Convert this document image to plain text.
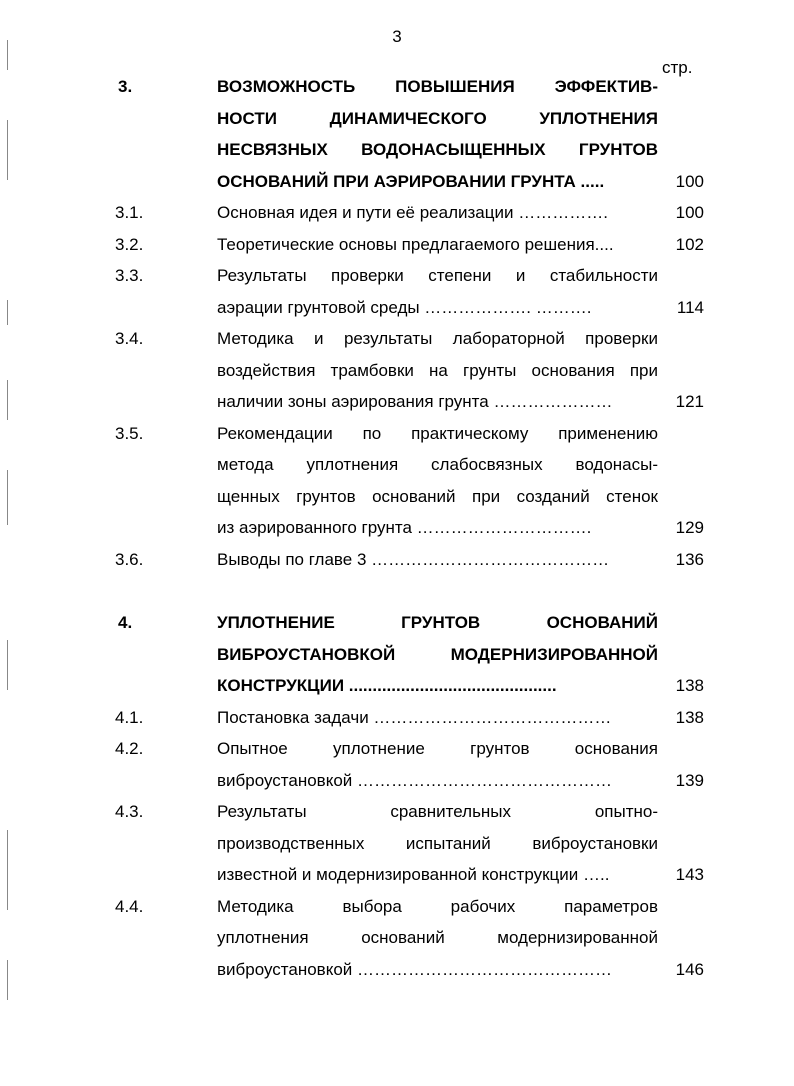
3
стр.
3.	ВОЗМОЖНОСТЬ ПОВЫШЕНИЯ ЭФФЕКТИВ-
НОСТИ ДИНАМИЧЕСКОГО УПЛОТНЕНИЯ
НЕСВЯЗНЫХ ВОДОНАСЫЩЕННЫХ ГРУНТОВ
ОСНОВАНИЙ ПРИ АЭРИРОВАНИИ ГРУНТА .....	100
3.1.	Основная идея и пути её реализации …………….	100
3.2.	Теоретические основы предлагаемого решения....	102
3.3.	Результаты проверки степени и стабильности
аэрации грунтовой среды ………………. ……….	114
3.4.	Методика и результаты лабораторной проверки
воздействия трамбовки на грунты основания при
наличии зоны аэрирования грунта …………………	121
3.5.	Рекомендации по практическому применению
метода уплотнения слабосвязных водонасы-
щенных грунтов оснований при созданий стенок
из аэрированного грунта ………………………….	129
3.6.	Выводы по главе 3 ……………………………………	136
4.	УПЛОТНЕНИЕ ГРУНТОВ ОСНОВАНИЙ
ВИБРОУСТАНОВКОЙ МОДЕРНИЗИРОВАННОЙ
КОНСТРУКЦИИ ............................................	138
4.1.	Постановка задачи ……………………………………	138
4.2.	Опытное уплотнение грунтов основания
виброустановкой ………………………………………	139
4.3.	Результаты сравнительных опытно-
производственных испытаний виброустановки
известной и модернизированной конструкции …..	143
4.4.	Методика выбора рабочих параметров
уплотнения оснований модернизированной
виброустановкой ………………………………………	146
